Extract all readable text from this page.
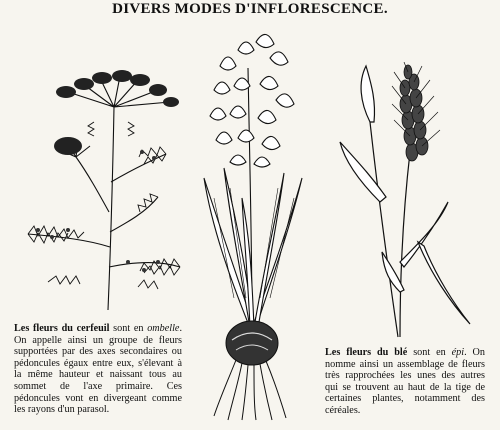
DIVERS MODES D'INFLORESCENCE.
Les fleurs du cerfeuil sont en ombelle. On appelle ainsi un groupe de fleurs supportées par des axes secondaires ou pédoncules égaux entre eux, s'élevant à la même hauteur et naissant tous au sommet de l'axe primaire. Ces pédoncules vont en divergeant comme les rayons d'un parasol.
Les fleurs du blé sont en épi. On nomme ainsi un assemblage de fleurs très rapprochées les unes des autres qui se trouvent au haut de la tige de certaines plantes, notamment des céréales.
